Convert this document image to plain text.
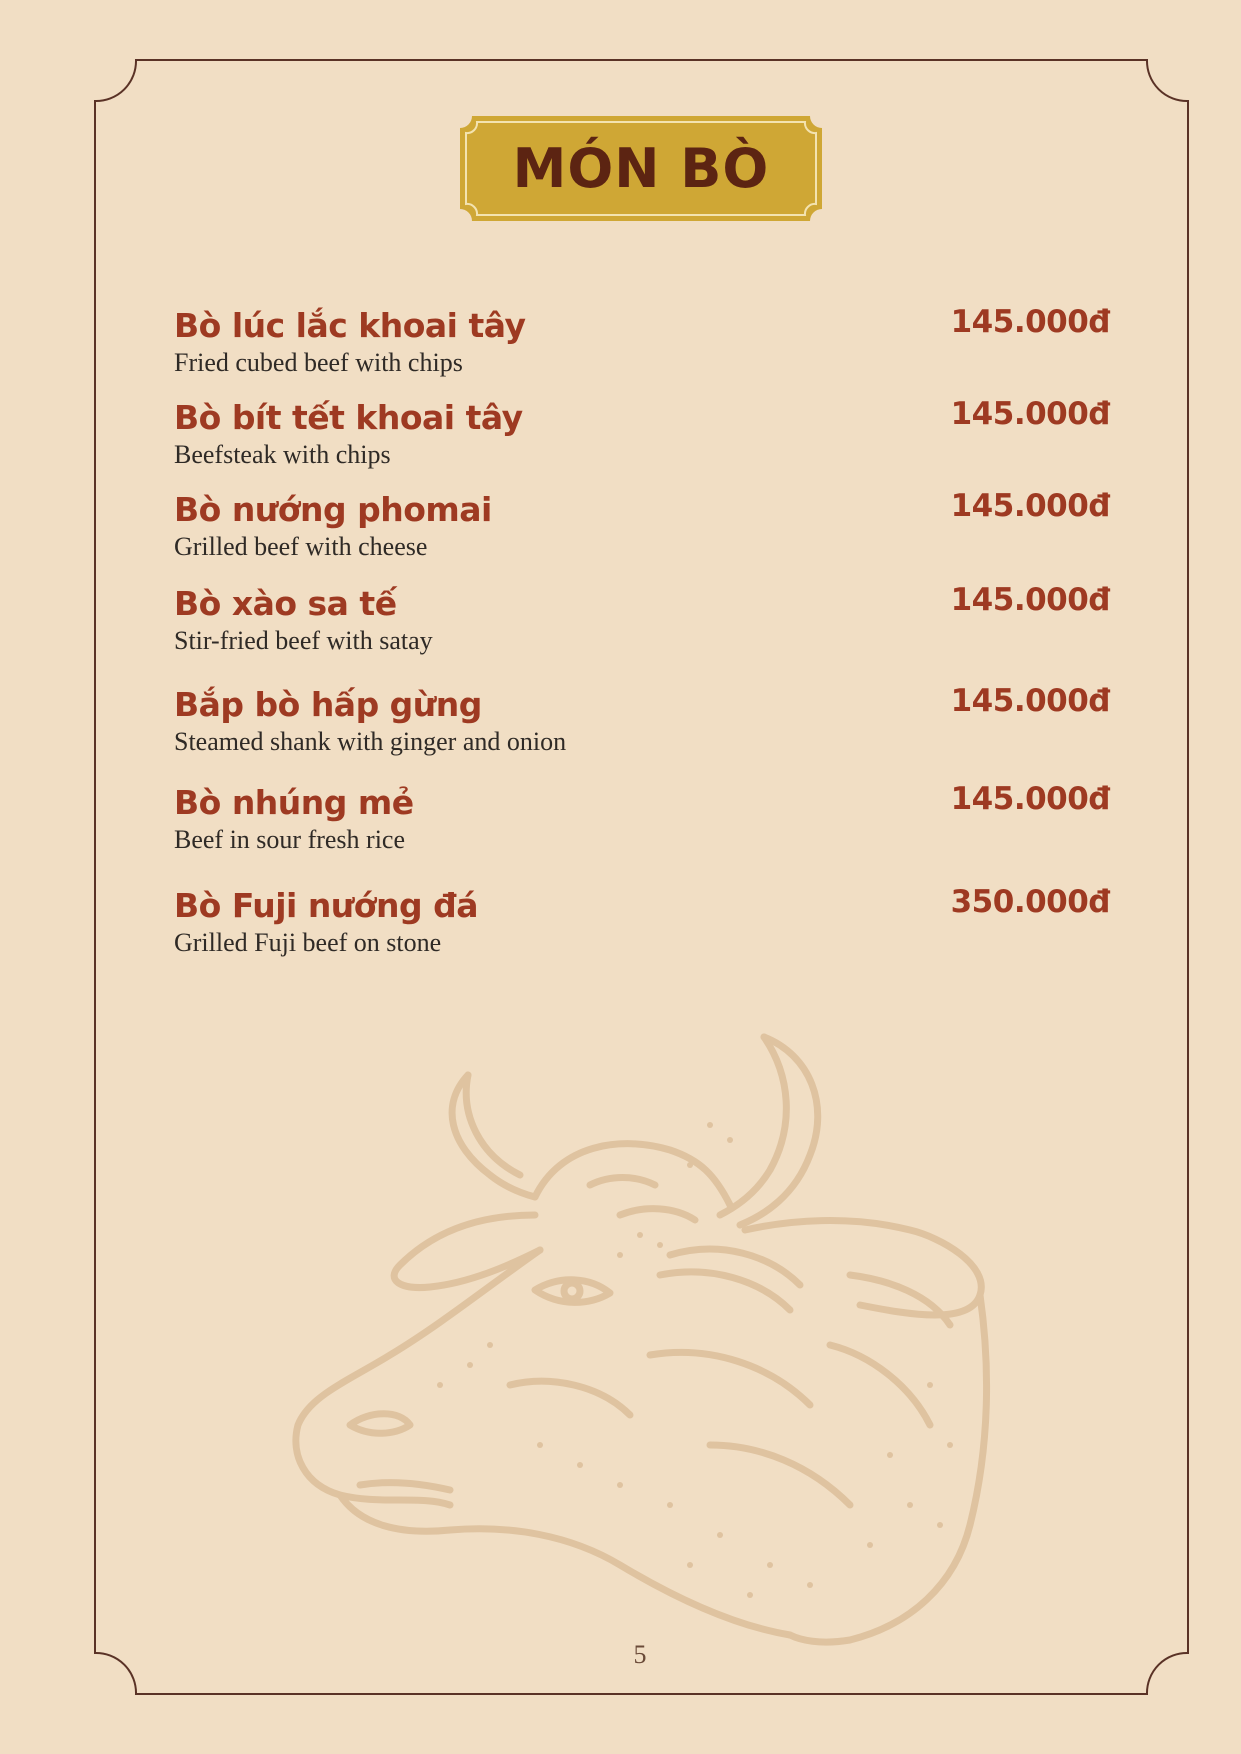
MÓN BÒ
Bò lúc lắc khoai tây
Fried cubed beef with chips
145.000đ
Bò bít tết khoai tây
Beefsteak with chips
145.000đ
Bò nướng phomai
Grilled beef with cheese
145.000đ
Bò xào sa tế
Stir-fried beef with satay
145.000đ
Bắp bò hấp gừng
Steamed shank with ginger and onion
145.000đ
Bò nhúng mẻ
Beef in sour fresh rice
145.000đ
Bò Fuji nướng đá
Grilled Fuji beef on stone
350.000đ
5
